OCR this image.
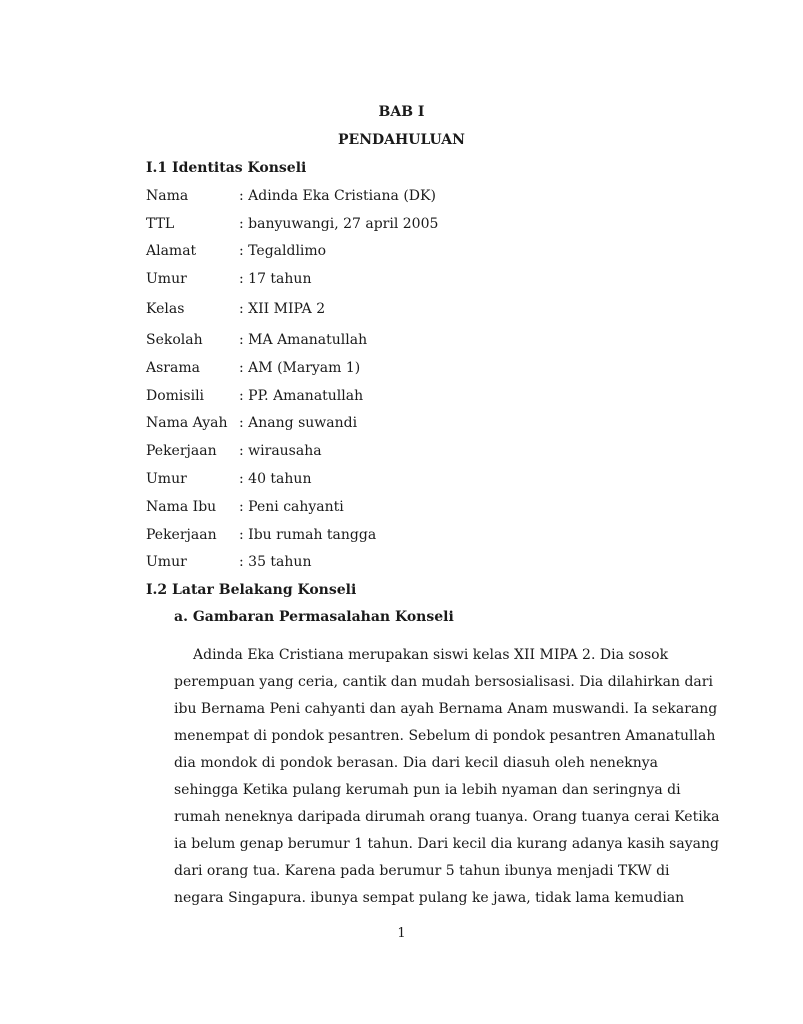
BAB I
PENDAHULUAN
I.1 Identitas Konseli
Nama	: Adinda Eka Cristiana (DK)
TTL	: banyuwangi, 27 april 2005
Alamat	: Tegaldlimo
Umur	: 17 tahun
Kelas	: XII MIPA 2
Sekolah	: MA Amanatullah
Asrama	: AM (Maryam 1)
Domisili : PP. Amanatullah
Nama Ayah : Anang suwandi
Pekerjaan : wirausaha
Umur	: 40 tahun
Nama Ibu : Peni cahyanti
Pekerjaan : Ibu rumah tangga
Umur	: 35 tahun
I.2 Latar Belakang Konseli
a. Gambaran Permasalahan Konseli
Adinda Eka Cristiana merupakan siswi kelas XII MIPA 2. Dia sosok
perempuan yang ceria, cantik dan mudah bersosialisasi. Dia dilahirkan dari
ibu Bernama Peni cahyanti dan ayah Bernama Anam muswandi. Ia sekarang
menempat di pondok pesantren. Sebelum di pondok pesantren Amanatullah
dia mondok di pondok berasan. Dia dari kecil diasuh oleh neneknya
sehingga Ketika pulang kerumah pun ia lebih nyaman dan seringnya di
rumah neneknya daripada dirumah orang tuanya. Orang tuanya cerai Ketika
ia belum genap berumur 1 tahun. Dari kecil dia kurang adanya kasih sayang
dari orang tua. Karena pada berumur 5 tahun ibunya menjadi TKW di
negara Singapura. ibunya sempat pulang ke jawa, tidak lama kemudian
1
